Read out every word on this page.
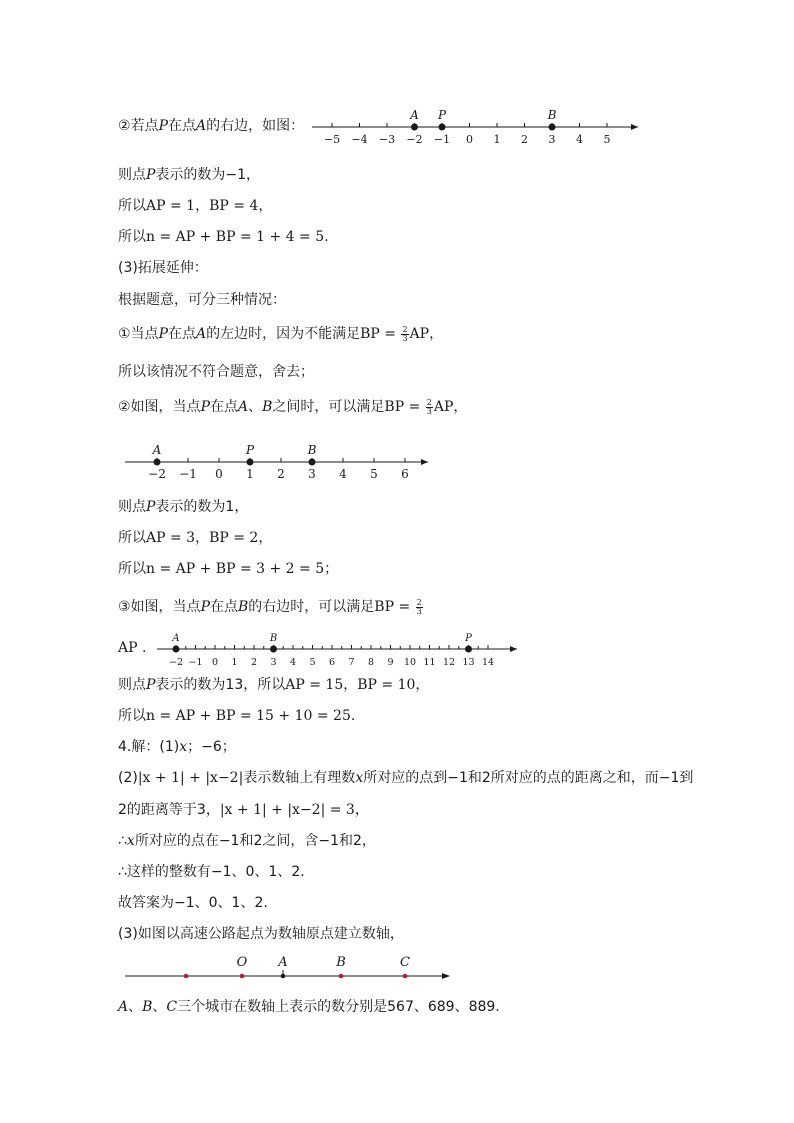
②若点P在点A的右边，如图：
−5 −4 −3 −2 −1 0 1 2 3 4 5
A P	B
则点P表示的数为−1，
所以AP = 1，BP = 4，
所以n = AP + BP = 1 + 4 = 5.
(3)拓展延伸：
根据题意，可分三种情况：
①当点P在点A的左边时，因为不能满足BP = $\frac{2}{3}$ AP，
所以该情况不符合题意，舍去；
②如图，当点P在点A、B之间时，可以满足BP = $\frac{2}{3}$ AP，
−2 −1 0 1 2 3 4 5 6
A	P	B
则点P表示的数为1，
所以AP = 3，BP = 2，
所以n = AP + BP = 3 + 2 = 5；
③如图，当点P在点B的右边时，可以满足BP = $\frac{2}{3}$
AP .
−2 −1 0 1 2 3 4 5 6 7 8 9 10 11 12 13 14
A	B	P
则点P表示的数为13，所以AP = 15，BP = 10，
所以n = AP + BP = 15 + 10 = 25.
4.解：(1)x；−6；
(2)|x + 1| + |x−2|表示数轴上有理数x所对应的点到−1和2所对应的点的距离之和，而−1到
2的距离等于3，|x + 1| + |x−2| = 3，
∴x所对应的点在−1和2之间，含−1和2，
∴这样的整数有−1、0、1、2.
故答案为−1、0、1、2.
(3)如图以高速公路起点为数轴原点建立数轴，
O A	B	C
A、B、C三个城市在数轴上表示的数分别是567、689、889.
